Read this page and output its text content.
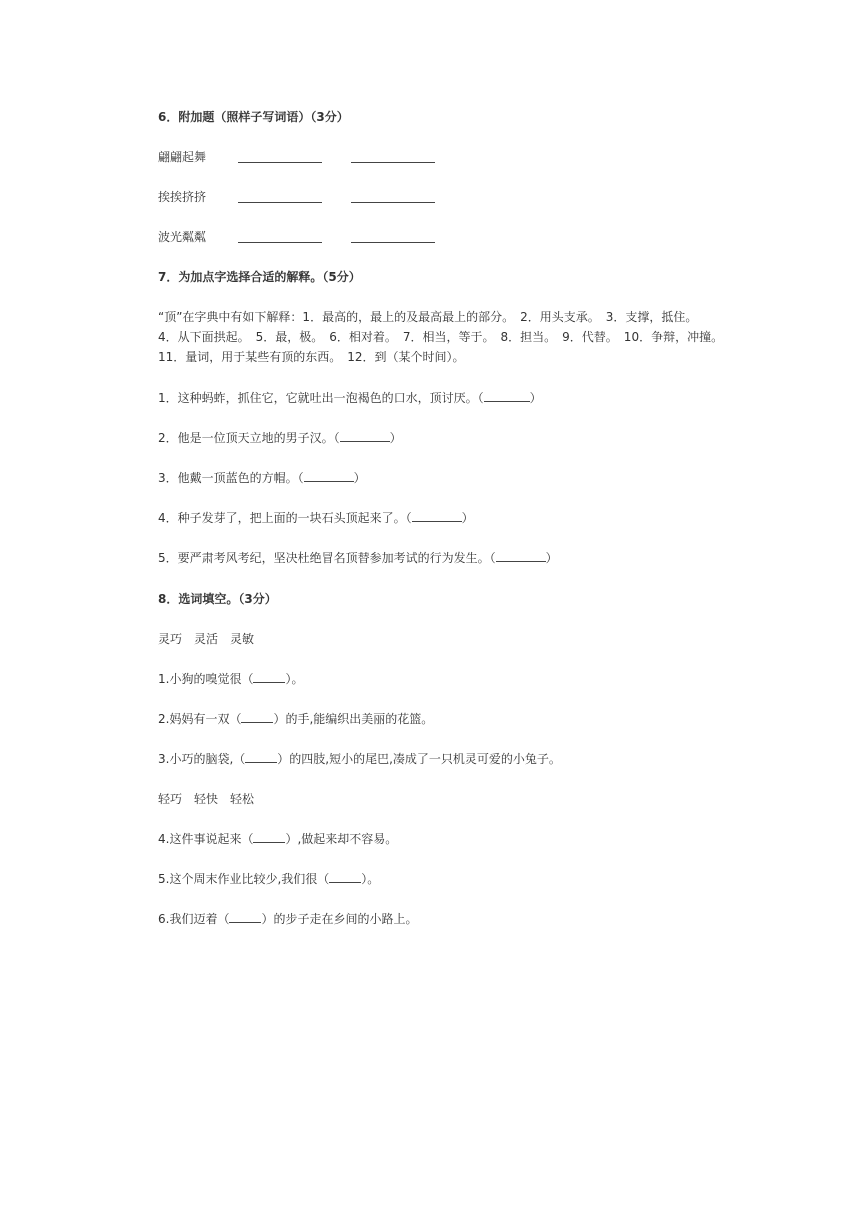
6．附加题（照样子写词语）（3分）
翩翩起舞
挨挨挤挤
波光粼粼
7．为加点字选择合适的解释。（5分）
“顶”在字典中有如下解释：1．最高的，最上的及最高最上的部分。　2．用头支承。　3．支撑，抵住。　4．从下面拱起。　5．最，极。　6．相对着。　7．相当，等于。　8．担当。　9．代替。　10．争辩，冲撞。　11．量词，用于某些有顶的东西。　12．到（某个时间）。
1．这种蚂蚱，抓住它，它就吐出一泡褐色的口水，顶讨厌。（	）
2．他是一位顶天立地的男子汉。（	）
3．他戴一顶蓝色的方帽。（	）
4．种子发芽了，把上面的一块石头顶起来了。（	）
5．要严肃考风考纪，坚决杜绝冒名顶替参加考试的行为发生。（	）
8．选词填空。（3分）
灵巧　灵活　灵敏
1.小狗的嗅觉很（	）。
2.妈妈有一双（	）的手,能编织出美丽的花篮。
3.小巧的脑袋,（	）的四肢,短小的尾巴,凑成了一只机灵可爱的小兔子。
轻巧　轻快　轻松
4.这件事说起来（	）,做起来却不容易。
5.这个周末作业比较少,我们很（	）。
6.我们迈着（	）的步子走在乡间的小路上。
